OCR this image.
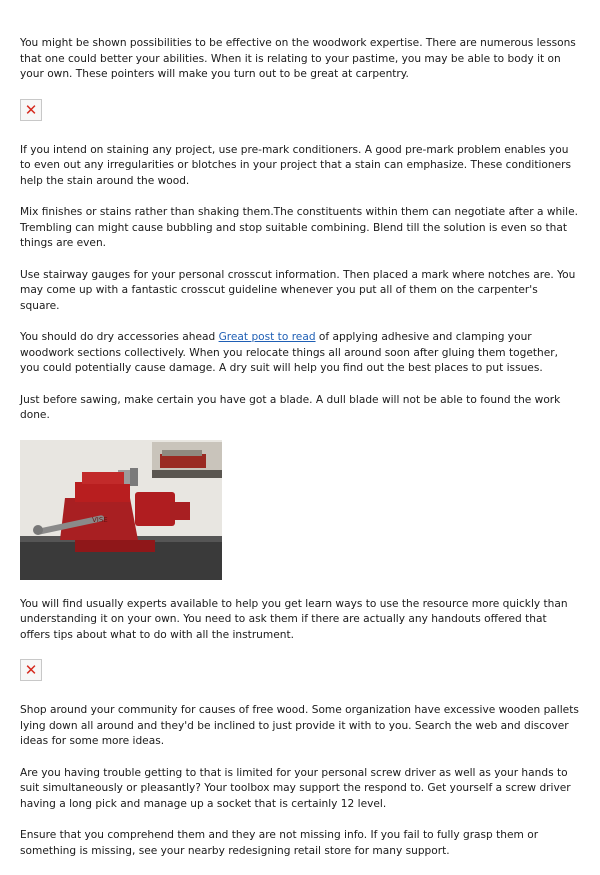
You might be shown possibilities to be effective on the woodwork expertise. There are numerous lessons that one could better your abilities. When it is relating to your pastime, you may be able to body it on your own. These pointers will make you turn out to be great at carpentry.

✕

If you intend on staining any project, use pre-mark conditioners. A good pre-mark problem enables you to even out any irregularities or blotches in your project that a stain can emphasize. These conditioners help the stain around the wood.

Mix finishes or stains rather than shaking them.The constituents within them can negotiate after a while. Trembling can might cause bubbling and stop suitable combining. Blend till the solution is even so that things are even.

Use stairway gauges for your personal crosscut information. Then placed a mark where notches are. You may come up with a fantastic crosscut guideline whenever you put all of them on the carpenter's square.

You should do dry accessories ahead Great post to read of applying adhesive and clamping your woodwork sections collectively. When you relocate things all around soon after gluing them together, you could potentially cause damage. A dry suit will help you find out the best places to put issues.

Just before sawing, make certain you have got a blade. A dull blade will not be able to found the work done.

VISE

You will find usually experts available to help you get learn ways to use the resource more quickly than understanding it on your own. You need to ask them if there are actually any handouts offered that offers tips about what to do with all the instrument.

✕

Shop around your community for causes of free wood. Some organization have excessive wooden pallets lying down all around and they'd be inclined to just provide it with to you. Search the web and discover ideas for some more ideas.

Are you having trouble getting to that is limited for your personal screw driver as well as your hands to suit simultaneously or pleasantly? Your toolbox may support the respond to. Get yourself a screw driver having a long pick and manage up a socket that is certainly 12 level.

Ensure that you comprehend them and they are not missing info. If you fail to fully grasp them or something is missing, see your nearby redesigning retail store for many support.
